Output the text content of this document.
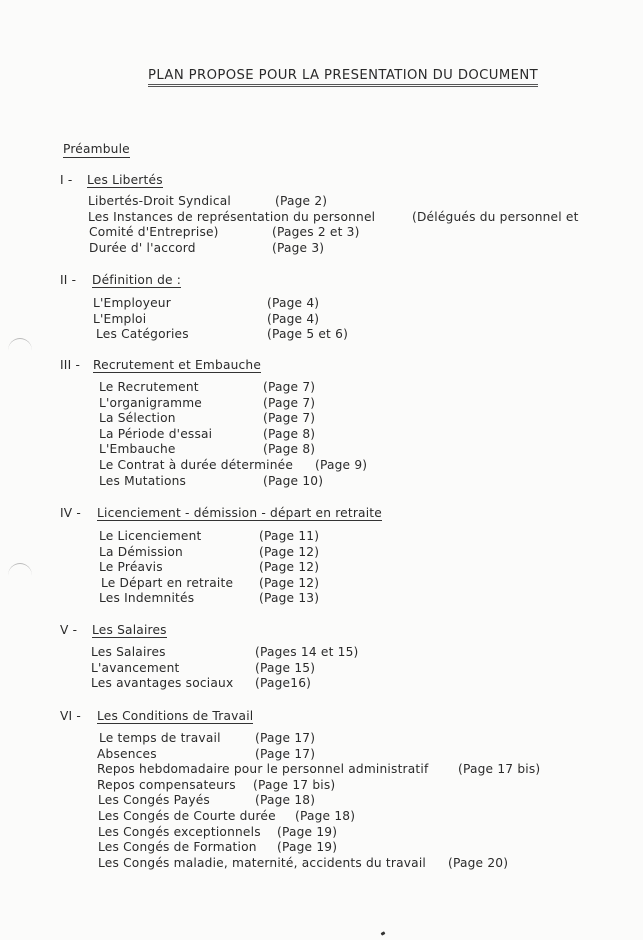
PLAN PROPOSE POUR LA PRESENTATION DU DOCUMENT
Préambule
I - Les Libertés
Libertés-Droit Syndical	(Page 2)
Les Instances de représentation du personnel	(Délégués du personnel et
Comité d'Entreprise)	(Pages 2 et 3)
Durée d' l'accord	(Page 3)
II - Définition de :
L'Employeur	(Page 4)
L'Emploi	(Page 4)
Les Catégories	(Page 5 et 6)
III - Recrutement et Embauche
Le Recrutement	(Page 7)
L'organigramme	(Page 7)
La Sélection	(Page 7)
La Période d'essai	(Page 8)
L'Embauche	(Page 8)
Le Contrat à durée déterminée (Page 9)
Les Mutations	(Page 10)
IV - Licenciement - démission - départ en retraite
Le Licenciement	(Page 11)
La Démission	(Page 12)
Le Préavis	(Page 12)
Le Départ en retraite (Page 12)
Les Indemnités	(Page 13)
V - Les Salaires
Les Salaires	(Pages 14 et 15)
L'avancement	(Page 15)
Les avantages sociaux (Page16)
VI - Les Conditions de Travail
Le temps de travail	(Page 17)
Absences	(Page 17)
Repos hebdomadaire pour le personnel administratif (Page 17 bis)
Repos compensateurs (Page 17 bis)
Les Congés Payés	(Page 18)
Les Congés de Courte durée (Page 18)
Les Congés exceptionnels (Page 19)
Les Congés de Formation (Page 19)
Les Congés maladie, maternité, accidents du travail (Page 20)
